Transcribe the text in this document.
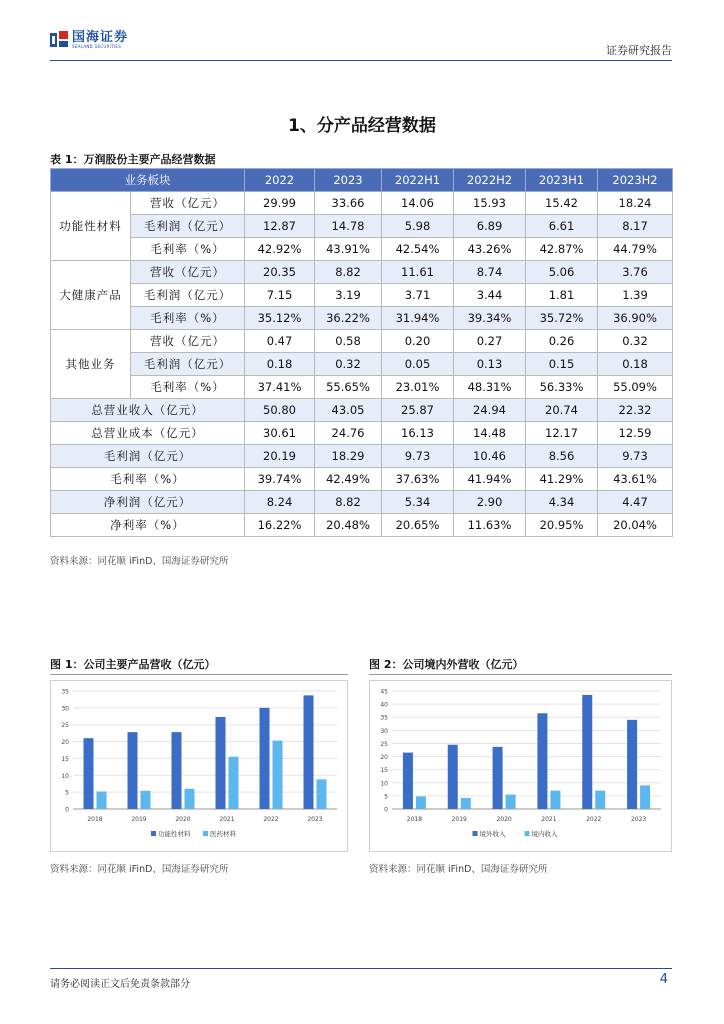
国海证券
SEALAND SECURITIES	证券研究报告
1、分产品经营数据
表 1：万润股份主要产品经营数据
业务板块		2022	2023	2022H1	2022H2	2023H1	2023H2
功能性材料	营收（亿元）	29.99	33.66	14.06	15.93	15.42	18.24
	毛利润（亿元）	12.87	14.78	5.98	6.89	6.61	8.17
	毛利率（%）	42.92%	43.91%	42.54%	43.26%	42.87%	44.79%
大健康产品	营收（亿元）	20.35	8.82	11.61	8.74	5.06	3.76
	毛利润（亿元）	7.15	3.19	3.71	3.44	1.81	1.39
	毛利率（%）	35.12%	36.22%	31.94%	39.34%	35.72%	36.90%
其他业务	营收（亿元）	0.47	0.58	0.20	0.27	0.26	0.32
	毛利润（亿元）	0.18	0.32	0.05	0.13	0.15	0.18
	毛利率（%）	37.41%	55.65%	23.01%	48.31%	56.33%	55.09%
总营业收入（亿元）		50.80	43.05	25.87	24.94	20.74	22.32
总营业成本（亿元）		30.61	24.76	16.13	14.48	12.17	12.59
毛利润（亿元）		20.19	18.29	9.73	10.46	8.56	9.73
毛利率（%）		39.74%	42.49%	37.63%	41.94%	41.29%	43.61%
净利润（亿元）		8.24	8.82	5.34	2.90	4.34	4.47
净利率（%）		16.22%	20.48%	20.65%	11.63%	20.95%	20.04%
资料来源：同花顺 iFinD、国海证券研究所
图 1：公司主要产品营收（亿元）
0
5
10
15
20
25
30
35
2018	2019	2020	2021	2022	2023
功能性材料	医药材料
资料来源：同花顺 iFinD、国海证券研究所
图 2：公司境内外营收（亿元）
0
5
10
15
20
25
30
35
40
45
2018	2019	2020	2021	2022	2023
境外收入	境内收入
资料来源：同花顺 iFinD、国海证券研究所
请务必阅读正文后免责条款部分	4
